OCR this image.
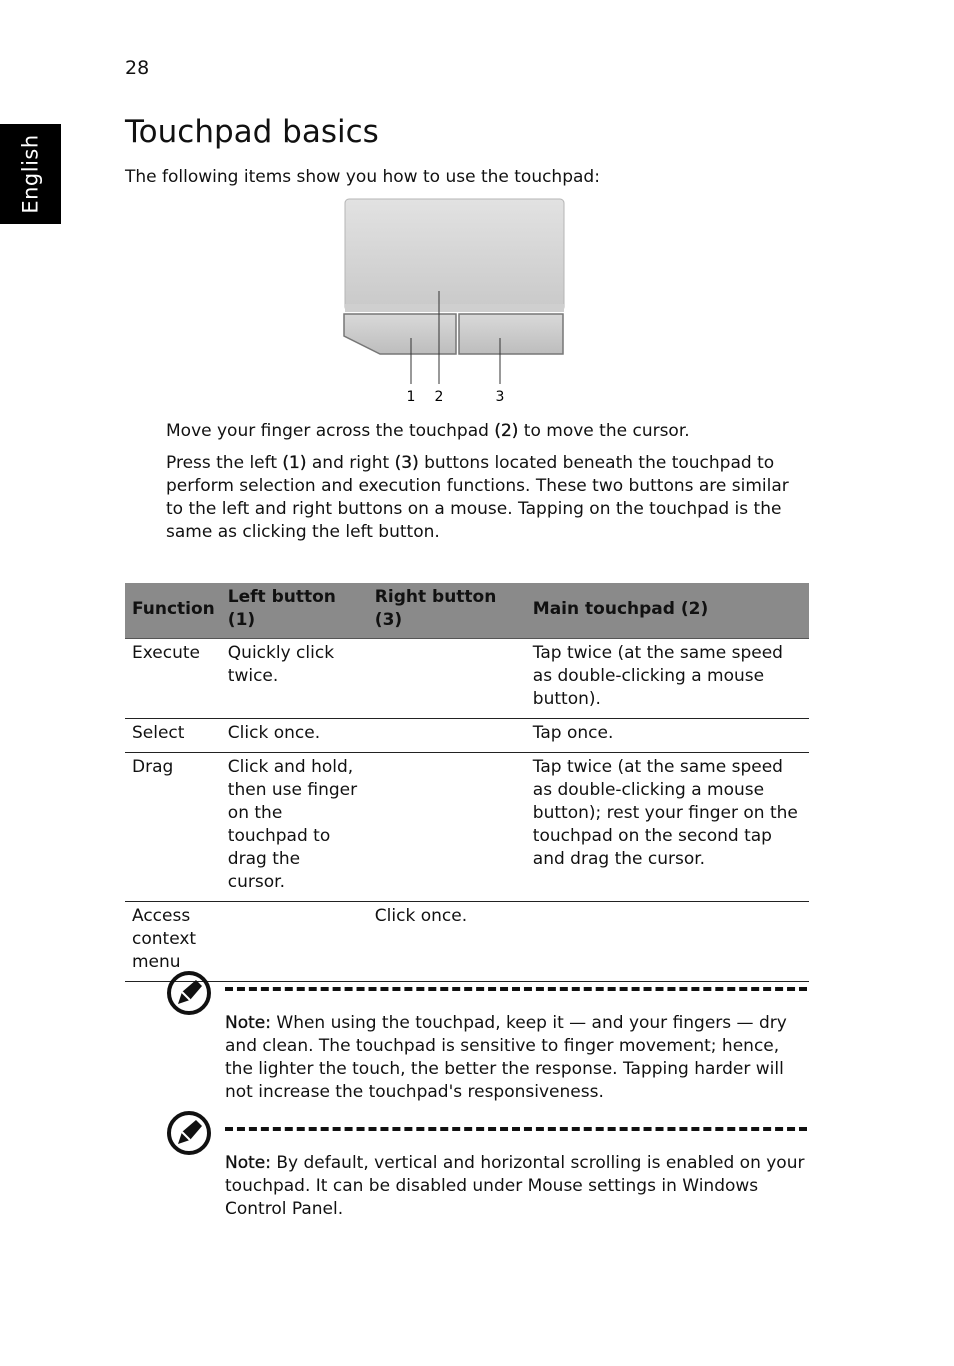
28
English
Touchpad basics
The following items show you how to use the touchpad:
1 2	3

Move your finger across the touchpad (2) to move the cursor.

Press the left (1) and right (3) buttons located beneath the touchpad to perform selection and execution functions. These two buttons are similar to the left and right buttons on a mouse. Tapping on the touchpad is the same as clicking the left button.

Function	Left button (1)	Right button (3)	Main touchpad (2)
Execute	Quickly click twice.		Tap twice (at the same speed as double-clicking a mouse button).
Select	Click once.		Tap once.
Drag	Click and hold, then use finger on the touchpad to drag the cursor.		Tap twice (at the same speed as double-clicking a mouse button); rest your finger on the touchpad on the second tap and drag the cursor.
Access context menu		Click once.	

Note: When using the touchpad, keep it — and your fingers — dry and clean. The touchpad is sensitive to finger movement; hence, the lighter the touch, the better the response. Tapping harder will not increase the touchpad's responsiveness.

Note: By default, vertical and horizontal scrolling is enabled on your touchpad. It can be disabled under Mouse settings in Windows Control Panel.
